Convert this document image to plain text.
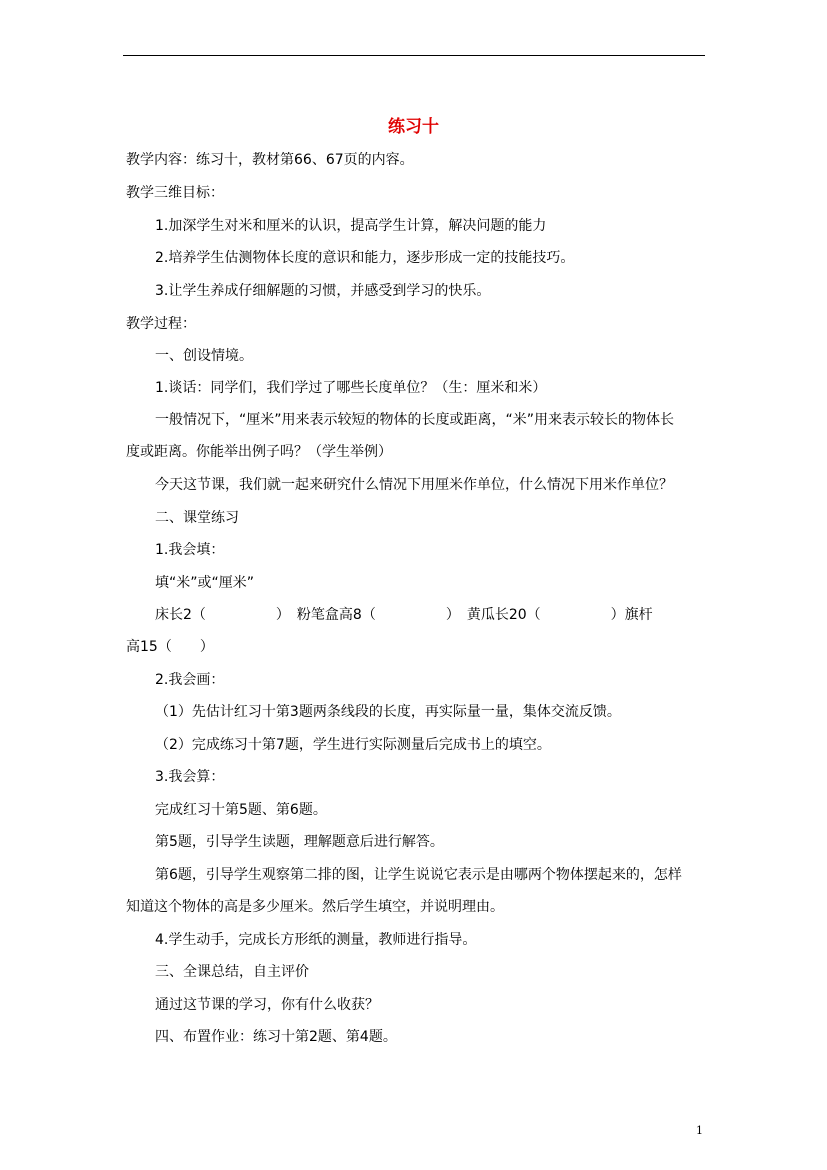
练习十
教学内容：练习十，教材第66、67页的内容。
教学三维目标：
1.加深学生对米和厘米的认识，提高学生计算，解决问题的能力
2.培养学生估测物体长度的意识和能力，逐步形成一定的技能技巧。
3.让学生养成仔细解题的习惯，并感受到学习的快乐。
教学过程：
一、创设情境。
1.谈话：同学们，我们学过了哪些长度单位？（生：厘米和米）
一般情况下，“厘米”用来表示较短的物体的长度或距离，“米”用来表示较长的物体长
度或距离。你能举出例子吗？（学生举例）
今天这节课，我们就一起来研究什么情况下用厘米作单位，什么情况下用米作单位？
二、课堂练习
1.我会填：
填“米”或“厘米”
床长2（　　　　　）　粉笔盒高8（　　　　　）　黄瓜长20（　　　　　）旗杆
高15（　　）
2.我会画：
（1）先估计红习十第3题两条线段的长度，再实际量一量，集体交流反馈。
（2）完成练习十第7题，学生进行实际测量后完成书上的填空。
3.我会算：
完成红习十第5题、第6题。
第5题，引导学生读题，理解题意后进行解答。
第6题，引导学生观察第二排的图，让学生说说它表示是由哪两个物体摆起来的，怎样
知道这个物体的高是多少厘米。然后学生填空，并说明理由。
4.学生动手，完成长方形纸的测量，教师进行指导。
三、全课总结，自主评价
通过这节课的学习，你有什么收获？
四、布置作业：练习十第2题、第4题。
1
